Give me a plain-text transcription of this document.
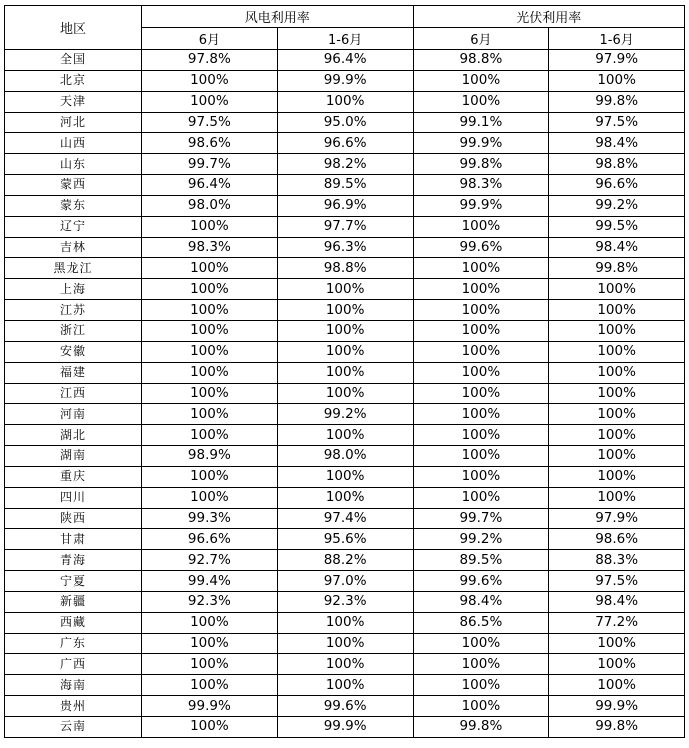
地区	风电利用率		光伏利用率	
	6月	1-6月	6月	1-6月
全国	97.8%	96.4%	98.8%	97.9%
北京	100%	99.9%	100%	100%
天津	100%	100%	100%	99.8%
河北	97.5%	95.0%	99.1%	97.5%
山西	98.6%	96.6%	99.9%	98.4%
山东	99.7%	98.2%	99.8%	98.8%
蒙西	96.4%	89.5%	98.3%	96.6%
蒙东	98.0%	96.9%	99.9%	99.2%
辽宁	100%	97.7%	100%	99.5%
吉林	98.3%	96.3%	99.6%	98.4%
黑龙江	100%	98.8%	100%	99.8%
上海	100%	100%	100%	100%
江苏	100%	100%	100%	100%
浙江	100%	100%	100%	100%
安徽	100%	100%	100%	100%
福建	100%	100%	100%	100%
江西	100%	100%	100%	100%
河南	100%	99.2%	100%	100%
湖北	100%	100%	100%	100%
湖南	98.9%	98.0%	100%	100%
重庆	100%	100%	100%	100%
四川	100%	100%	100%	100%
陕西	99.3%	97.4%	99.7%	97.9%
甘肃	96.6%	95.6%	99.2%	98.6%
青海	92.7%	88.2%	89.5%	88.3%
宁夏	99.4%	97.0%	99.6%	97.5%
新疆	92.3%	92.3%	98.4%	98.4%
西藏	100%	100%	86.5%	77.2%
广东	100%	100%	100%	100%
广西	100%	100%	100%	100%
海南	100%	100%	100%	100%
贵州	99.9%	99.6%	100%	99.9%
云南	100%	99.9%	99.8%	99.8%
